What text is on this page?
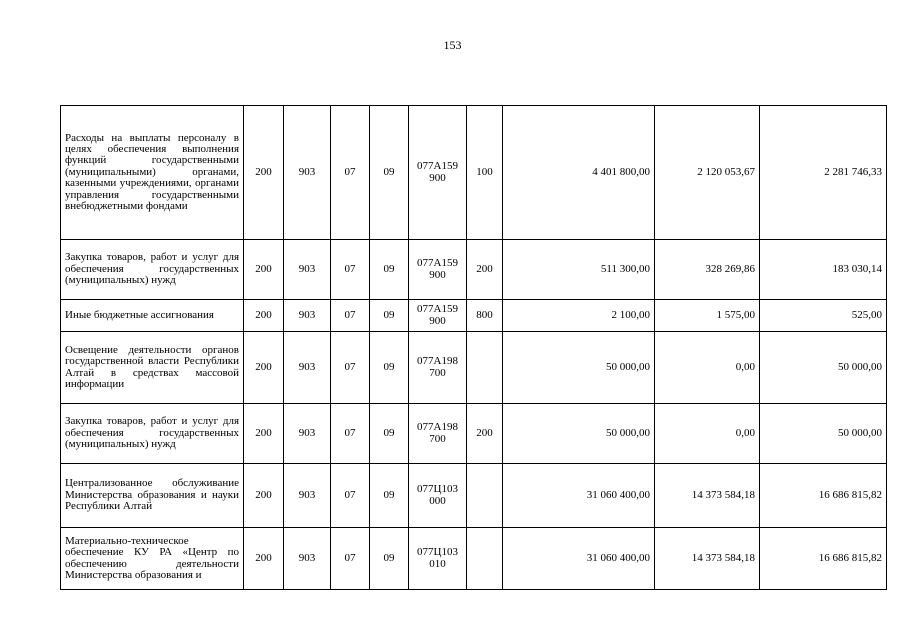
153
Расходы на выплаты персоналу в целях обеспечения выполнения функций государственными (муниципальными) органами, казенными учреждениями, органами управления государственными внебюджетными фондами	200	903	07	09	077A159 900	100	4 401 800,00	2 120 053,67	2 281 746,33
Закупка товаров, работ и услуг для обеспечения государственных (муниципальных) нужд	200	903	07	09	077A159 900	200	511 300,00	328 269,86	183 030,14
Иные бюджетные ассигнования	200	903	07	09	077A159 900	800	2 100,00	1 575,00	525,00
Освещение деятельности органов государственной власти Республики Алтай в средствах массовой информации	200	903	07	09	077A198 700		50 000,00	0,00	50 000,00
Закупка товаров, работ и услуг для обеспечения государственных (муниципальных) нужд	200	903	07	09	077A198 700	200	50 000,00	0,00	50 000,00
Централизованное обслуживание Министерства образования и науки Республики Алтай	200	903	07	09	077Ц103 000		31 060 400,00	14 373 584,18	16 686 815,82
Материально-техническое обеспечение КУ РА «Центр по обеспечению деятельности Министерства образования и	200	903	07	09	077Ц103 010		31 060 400,00	14 373 584,18	16 686 815,82
